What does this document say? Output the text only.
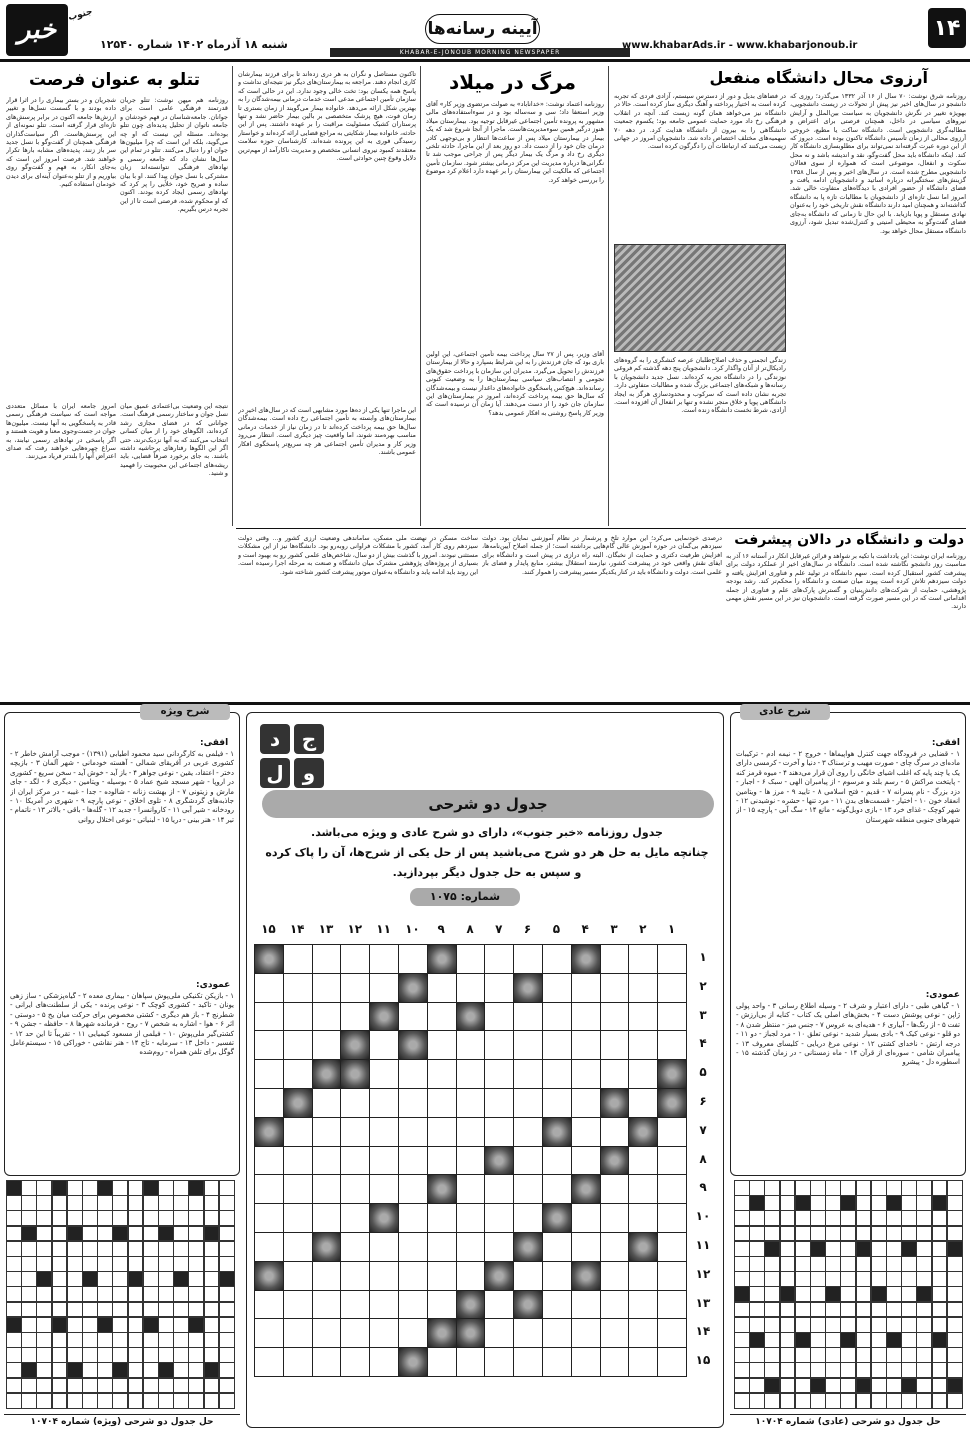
خبر	جنوب
شنبه ۱۸ آذرماه ۱۴۰۲ شماره ۱۲۵۴۰
آیینه رسانه‌ها
KHABAR-E-JONOUB MORNING NEWSPAPER
www.khabarAds.ir - www.khabarjonoub.ir
۱۴
آرزوی محال دانشگاه منفعل
روزنامه شرق نوشت: ۷۰ سال از ۱۶ آذر ۱۳۳۲ می‌گذرد؛ روزی که دانشجو در سال‌های اخیر نیز پیش از تحولات در زیست دانشجویی، بهویژه تغییر در نگرش دانشجویان به سیاست بین‌الملل و آرایش نیروهای سیاسی در داخل، همچنان فرصتی برای اعتراض و مطالبه‌گری دانشجویی است. دانشگاه ساکت یا مطیع، خروجی آرزوی محالی از زمان تأسیس دانشگاه تاکنون بوده است. دیروز که از این دوره عبرت گرفته‌اند نمی‌تواند برای مطلوبسازی دانشگاه کار کند. اینکه دانشگاه باید محل گفت‌وگو، نقد و اندیشه باشد و نه محل سکوت و انفعال، موضوعی است که همواره از سوی فعالان دانشجویی مطرح شده است. در سال‌های اخیر و پس از سال ۱۳۵۸ گزینش‌های سختگیرانه درباره اساتید و دانشجویان ادامه یافت و فضای دانشگاه از حضور افرادی با دیدگاه‌های متفاوت خالی شد. امروز اما نسل تازه‌ای از دانشجویان با مطالبات تازه پا به دانشگاه گذاشته‌اند و همچنان امید دارند دانشگاه نقش تاریخی خود را به‌عنوان نهادی مستقل و پویا بازیابد. با این حال تا زمانی که دانشگاه به‌جای فضای گفت‌وگو به محیطی امنیتی و کنترل‌شده تبدیل شود، آرزوی دانشگاه مستقل محال خواهد بود.
در فضاهای بدیل و دور از دسترس سیستم، آزادی فردی که تجربه کرده است به اختیار پرداخته و آهنگ دیگری ساز کرده است. حالا در دانشگاه نیز می‌خواهد همان گونه زیست کند. آنچه در انقلاب فرهنگی رخ داد مورد حمایت عمومی جامعه بود؛ یکسوم جمعیت دانشگاهی را به بیرون از دانشگاه هدایت کرد. در دهه ۷۰ سهمیه‌های مختلف اختصاص داده شد. دانشجویان امروز در جهانی زیست می‌کنند که ارتباطات آن را دگرگون کرده است.
زندگی انجمنی و حذف اصلاح‌طلبان عرصه کنشگری را به گروه‌های رادیکال‌تر از آنان واگذار کرد. دانشجویان پنج دهه گذشته کم فروغی نوزندگی را در دانشگاه تجربه کرده‌اند. نسل جدید دانشجویان با رسانه‌ها و شبکه‌های اجتماعی بزرگ شده و مطالبات متفاوتی دارد. تجربه نشان داده است که سرکوب و محدودسازی هرگز به ایجاد دانشگاهی پویا و خلاق منجر نشده و تنها بر انفعال آن افزوده است. آزادی، شرط نخست دانشگاه زنده است.
مرگ در میلاد
روزنامه اعتماد نوشت: «خداناباد» به صولت مرتضوی وزیر کار» آقای وزیر استعفا داد؛ سی و سه‌ساله بود و در سوءاستفاده‌های مالی مشهور به پرونده تأمین اجتماعی غیرقابل توجیه بود. بیمارستان میلاد هنوز درگیر همین سوءمدیریت‌هاست. ماجرا از آنجا شروع شد که یک بیمار در بیمارستان میلاد پس از ساعت‌ها انتظار و بی‌توجهی کادر درمان جان خود را از دست داد. دو روز بعد از این ماجرا، حادثه تلخی دیگری رخ داد و مرگ یک بیمار دیگر پس از جراحی موجب شد تا نگرانی‌ها درباره مدیریت این مرکز درمانی بیشتر شود. سازمان تأمین اجتماعی که مالکیت این بیمارستان را بر عهده دارد اعلام کرد موضوع را بررسی خواهد کرد.
آقای وزیر، پس از ۲۷ سال پرداخت بیمه تأمین اجتماعی، این اولین باری بود که جان فرزندش را به این شرایط بسپارد و حالا از بیمارستان فرزندش را تحویل می‌گیرد. مدیران این سازمان با پرداخت حقوق‌های نجومی و انتصاب‌های سیاسی بیمارستان‌ها را به وضعیت کنونی رسانده‌اند. هیچ‌کس پاسخگوی خانواده‌های داغدار نیست و بیمه‌شدگان که سال‌ها حق بیمه پرداخت کرده‌اند، امروز در بیمارستان‌های این سازمان جان خود را از دست می‌دهند. آیا زمان آن نرسیده است که وزیر کار پاسخ روشنی به افکار عمومی بدهد؟
تاکنون مستاصل و نگران به هر دری زده‌اند تا برای فرزند بیمارشان کاری انجام دهند. مراجعه به بیمارستان‌های دیگر نیز نتیجه‌ای نداشت و پاسخ همه یکسان بود: تخت خالی وجود ندارد. این در حالی است که سازمان تأمین اجتماعی مدعی است خدمات درمانی بیمه‌شدگان را به بهترین شکل ارائه می‌دهد. خانواده بیمار می‌گویند از زمان بستری تا زمان فوت، هیچ پزشک متخصصی بر بالین بیمار حاضر نشد و تنها پرستاران کشیک مسئولیت مراقبت را بر عهده داشتند. پس از این حادثه، خانواده بیمار شکایتی به مراجع قضایی ارائه کرده‌اند و خواستار رسیدگی فوری به این پرونده شده‌اند. کارشناسان حوزه سلامت معتقدند کمبود نیروی انسانی متخصص و مدیریت ناکارآمد از مهم‌ترین دلایل وقوع چنین حوادثی است.
این ماجرا تنها یکی از ده‌ها مورد مشابهی است که در سال‌های اخیر در بیمارستان‌های وابسته به تأمین اجتماعی رخ داده است. بیمه‌شدگان سال‌ها حق بیمه پرداخت کرده‌اند تا در زمان نیاز از خدمات درمانی مناسب بهره‌مند شوند، اما واقعیت چیز دیگری است. انتظار می‌رود وزیر کار و مدیران تأمین اجتماعی هر چه سریع‌تر پاسخگوی افکار عمومی باشند.
تتلو به عنوان فرصت
روزنامه هم میهن نوشت: تتلو جریان قدرتمند فرهنگی عامی است برای جوانان. جامعه‌شناسان در فهم خودشان و جامعه ناتوان از تحلیل پدیده‌ای چون تتلو بوده‌اند. مسئله این نیست که او چه می‌گوید، بلکه این است که چرا میلیون‌ها جوان او را دنبال می‌کنند. تتلو در تمام این سال‌ها نشان داد که جامعه رسمی و نهادهای فرهنگی نتوانسته‌اند زبان مشترکی با نسل جوان پیدا کنند. او با بیان ساده و صریح خود، خلأیی را پر کرد که نهادهای رسمی ایجاد کرده بودند. اکنون که او محکوم شده، فرصتی است تا از این تجربه درس بگیریم.
نتیجه این وضعیت بی‌اعتمادی عمیق میان نسل جوان و ساختار رسمی فرهنگ است. جوانانی که در فضای مجازی رشد کرده‌اند، الگوهای خود را از میان کسانی انتخاب می‌کنند که به آنها نزدیک‌ترند، حتی اگر این الگوها رفتارهای پرحاشیه داشته باشند. به جای برخورد صرفاً قضایی، باید ریشه‌های اجتماعی این محبوبیت را فهمید و شنید.
شجریان و در بستر بیماری را در اثرا قرار داده بودند و با گسست نسل‌ها و تغییر ارزش‌ها جامعه اکنون در برابر پرسش‌های تازه‌ای قرار گرفته است. تتلو نمونه‌ای از این پرسش‌هاست. اگر سیاست‌گذاران فرهنگی همچنان از گفت‌وگو با نسل جدید سر باز زنند، پدیده‌های مشابه بارها تکرار خواهند شد. فرصت امروز این است که به‌جای انکار، به فهم و گفت‌وگو روی بیاوریم و از تتلو به‌عنوان آینه‌ای برای دیدن خودمان استفاده کنیم.
امروز جامعه ایران با مسائل متعددی مواجه است که سیاست فرهنگی رسمی قادر به پاسخگویی به آنها نیست. میلیون‌ها جوان در جست‌وجوی معنا و هویت هستند و اگر پاسخی در نهادهای رسمی نیابند، به سراغ چهره‌هایی خواهند رفت که صدای اعتراض آنها را بلندتر فریاد می‌زنند.
دولت و دانشگاه در دالان پیشرفت
روزنامه ایران نوشت: این یادداشت با تکیه بر شواهد و قرائن غیرقابل انکار در آستانه ۱۶ آذر به مناسبت روز دانشجو نگاشته شده است. دانشگاه در سال‌های اخیر از عملکرد دولت برای پیشرفت کشور استقبال کرده است. سهم دانشگاه در تولید علم و فناوری افزایش یافته و دولت سیزدهم تلاش کرده است پیوند میان صنعت و دانشگاه را محکم‌تر کند. رشد بودجه پژوهشی، حمایت از شرکت‌های دانش‌بنیان و گسترش پارک‌های علم و فناوری از جمله اقداماتی است که در این مسیر صورت گرفته است. دانشجویان نیز در این مسیر نقش مهمی دارند.
درصدی خودنمایی می‌کرد؛ این موارد تلخ و پرشمار در نظام آموزشی نمایان بود. دولت سیزدهم بی‌گمان در حوزه آموزش عالی گام‌هایی برداشته است؛ از جمله اصلاح آیین‌نامه‌ها، افزایش ظرفیت دکتری و حمایت از نخبگان. البته راه درازی در پیش است و دانشگاه برای ایفای نقش واقعی خود در پیشرفت کشور، نیازمند استقلال بیشتر، منابع پایدار و فضای باز علمی است. دولت و دانشگاه باید در کنار یکدیگر مسیر پیشرفت را هموار کنند.
ساخت مسکن در نهضت ملی مسکن، ساماندهی وضعیت ارزی کشور و... وقتی دولت سیزدهم روی کار آمد، کشور با مشکلات فراوانی روبه‌رو بود. دانشگاه‌ها نیز از این مشکلات مستثنی نبودند. امروز با گذشت بیش از دو سال، شاخص‌های علمی کشور رو به بهبود است و بسیاری از پروژه‌های پژوهشی مشترک میان دانشگاه و صنعت به مرحله اجرا رسیده است. این روند باید ادامه یابد و دانشگاه به‌عنوان موتور پیشرفت کشور شناخته شود.
شرح عادی
افقی:
۱ - قضایی در فرودگاه جهت کنترل هواپیماها - خروج ۲ - نیمه ادم - ترکیبات ماده‌ای در سرگ چای - صورت مهیب و ترسناک ۳ - دنیا و آخرت - کرمسی دارای یک یا چند پایه که اغلب اشیای خانگی را روی آن قرار می‌دهند ۴ - میوه قرمز کنه - پایتخت مراکش ۵ - رسم بلند و مرسوم - از پیامبران الهی - سبک ۶ - اجبار - دزد بزرگ - نام پسرانه ۷ - قدیم - فتح اسلامی ۸ - تایید ۹ - مرز ها - ویتامین انعقاد خون ۱۰ - اختیار - قسمت‌های بدن ۱۱ - مرد تنها - حشره - نوشیدنی ۱۲ - شهر کوچک - غذای خرد ۱۳ - بازی دوبل‌گونه - مانع ۱۴ - سگ آبی - پارچه ۱۵ - از شهرهای جنوبی منطقه شهرستان
عمودی:
۱ - گیاهی طبی - دارای اعتبار و شرف ۲ - وسیله اطلاع رسانی ۳ - واحد پولی ژاپن - نوعی پوشش دست ۴ - بخش‌های اصلی یک کتاب - کنایه از بی‌ارزش - تفت ۵ - از رنگ‌ها - آبیاری ۶ - هدیه‌ای به عروس ۷ - جنس میز - منتظر شدن ۸ - دو قلو - نوعی کیک ۹ - بادی بسیار شدید - نوعی تعلق ۱۰ - مرد لجباز - دو ۱۱ - درجه ارتش - ناخدای کشتی ۱۲ - نوعی مرغ دریایی - کلیسای معروف ۱۳ - پیامبران شامی - سوره‌ای از قرآن ۱۴ - ماه زمستانی - در زمان گذشته ۱۵ - اسطوره دل - پیشرو
شرح ویژه
افقی:
۱ - فیلمی به کارگردانی سید محمود اطیابی (۱۳۹۱) - موجب آرامش خاطر ۲ - کشوری عربی در آفریقای شمالی - آهسته خودمانی - شهر آلمان ۳ - بازیچه دختر - اعتقاد، یقین - نوعی جواهر ۴ - باز آید - خوش آید - سخن سریع - کشوری در اروپا - شهر مسجد شیخ عماد ۵ - بوسیله - ویتامین - دیگری ۶ - لگد - جای مارش و زیتونی ۷ - از بهشت زنانه - شالوده - جدا - غیبه - در مرکز ایران از جاذبه‌های گردشگری ۸ - تلوی اخلاق - نوعی پارچه ۹ - شهری در آمریکا ۱۰ - رودخانه - شیر آبی ۱۱ - کاروانسرا - جدید ۱۲ - گله‌ها - باقی - بالاتر ۱۳ - ناتمام - تیر ۱۴ - هنر بینی - دریا ۱۵ - لبنیاتی - نوعی اختلال روانی
عمودی:
۱ - بازیکن تکنیکی ملی‌پوش سپاهان - بیماری معده ۲ - گیاه‌پزشکی - ساز زهی یونان - تاکید - کشوری کوچک ۳ - نوعی پرنده - یکی از سلطنت‌های ایرانی - شطرنج ۴ - باز هم دیگری - کشتی مخصوص برای حرکت میان یخ ۵ - دوستی - اثر ۶ - هوا - اشاره به شخص ۷ - روح - فرمانده شهرها ۸ - حافظه - جشن ۹ - کشتی‌گیر ملی‌پوش ۱۰ - فیلمی از مسعود کیمیایی ۱۱ - تقریباً تا این حد ۱۲ - تفسیر - داخل ۱۳ - سرمایه - تاج ۱۴ - هنر نقاشی - خوراکی ۱۵ - سیستم‌عامل گوگل برای تلفن همراه - روم‌شده
ج
د
و
ل
جدول دو شرحی
جدول روزنامه «خبر جنوب»، دارای دو شرح عادی و ویژه می‌باشد.
چنانچه مایل به حل هر دو شرح می‌باشید پس از حل یکی از شرح‌ها، آن را پاک کرده
و سپس به حل جدول دیگر بپردازید.
شماره: ۱۰۷۵
حل جدول دو شرحی (ویژه) شماره ۱۰۷۰۴	حل جدول دو شرحی (عادی) شماره ۱۰۷۰۴
۱
۲
۳
۴
۵
۶
۷
۸
۹
۱۰
۱۱
۱۲
۱۳
۱۴
۱۵
۱
۲
۳
۴
۵
۶
۷
۸
۹
۱۰
۱۱
۱۲
۱۳
۱۴
۱۵
